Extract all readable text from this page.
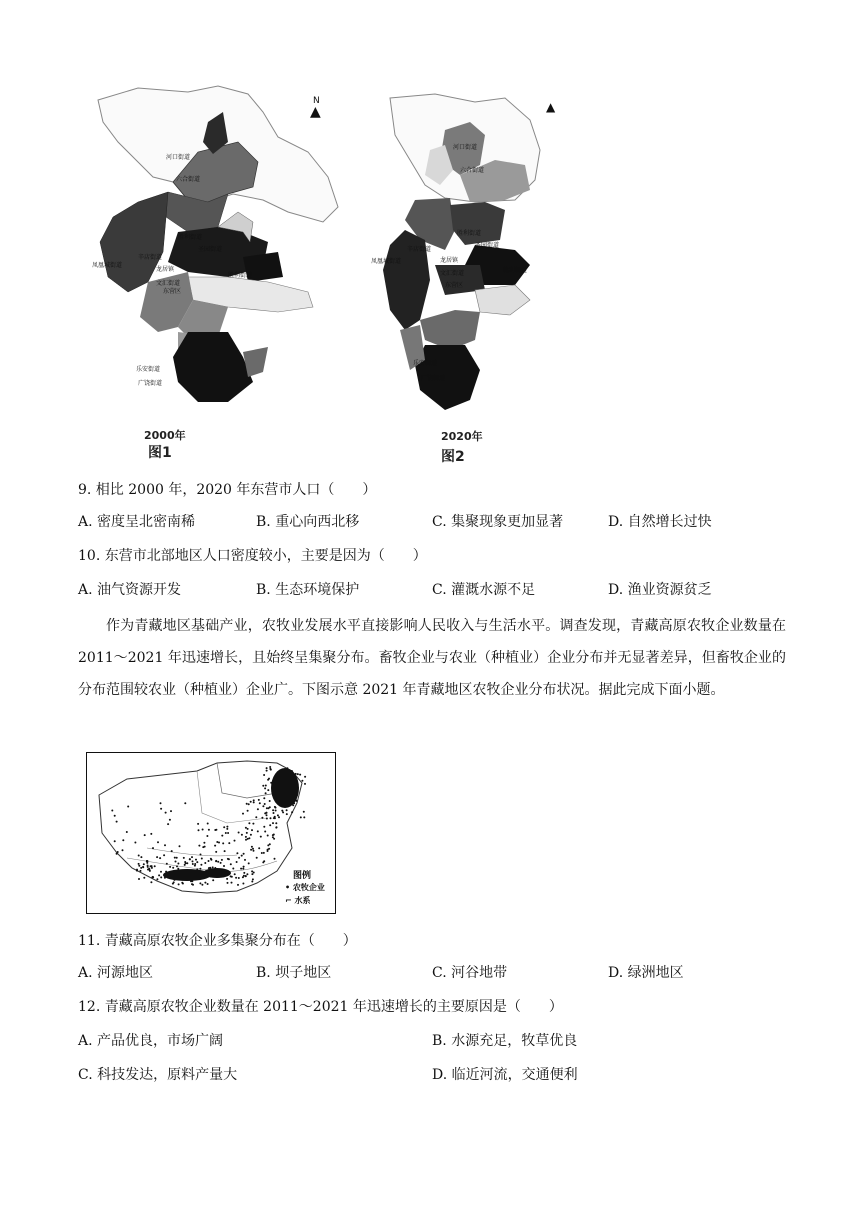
河口街道
六合街道
胜利街道
圣园街道
凤凰城街道
辛店街道
龙居镇
文汇街道
胜利街道
东营区
乐安街道
广饶街道
▲
N
2000年
图1
河口街道
六合街道
胜利街道
圣园街道
凤凰城街道
辛店街道
龙居镇
文汇街道	胜利街道
东营区
乐安街道
广饶街道
▲
2020年
图2
9. 相比 2000 年，2020 年东营市人口（　　）
A. 密度呈北密南稀	B. 重心向西北移	C. 集聚现象更加显著	D. 自然增长过快
10. 东营市北部地区人口密度较小，主要是因为（　　）
A. 油气资源开发	B. 生态环境保护	C. 灌溉水源不足	D. 渔业资源贫乏
作为青藏地区基础产业，农牧业发展水平直接影响人民收入与生活水平。调查发现，青藏高原农牧企业数量在 2011～2021 年迅速增长，且始终呈集聚分布。畜牧企业与农业（种植业）企业分布并无显著差异，但畜牧企业的分布范围较农业（种植业）企业广。下图示意 2021 年青藏地区农牧企业分布状况。据此完成下面小题。
图例
• 农牧企业
⌐ 水系
11. 青藏高原农牧企业多集聚分布在（　　）
A. 河源地区	B. 坝子地区	C. 河谷地带	D. 绿洲地区
12. 青藏高原农牧企业数量在 2011～2021 年迅速增长的主要原因是（　　）
A. 产品优良，市场广阔	B. 水源充足，牧草优良
C. 科技发达，原料产量大	D. 临近河流，交通便利
